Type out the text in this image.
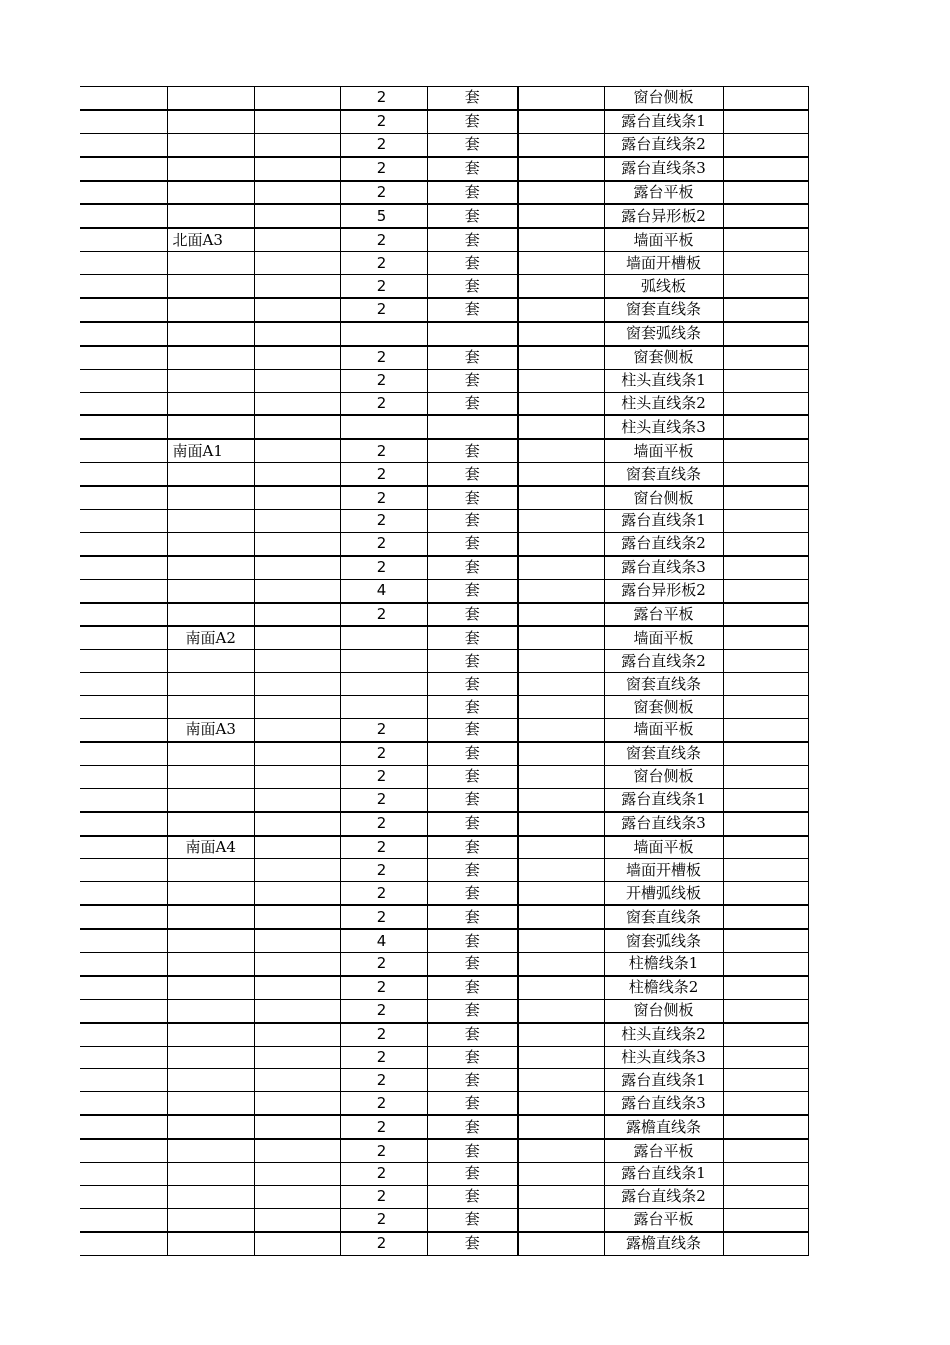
			2	套		窗台侧板	
			2	套		露台直线条1	
			2	套		露台直线条2	
			2	套		露台直线条3	
			2	套		露台平板	
			5	套		露台异形板2	
	北面A3		2	套		墙面平板	
			2	套		墙面开槽板	
			2	套		弧线板	
			2	套		窗套直线条	
						窗套弧线条	
			2	套		窗套侧板	
			2	套		柱头直线条1	
			2	套		柱头直线条2	
						柱头直线条3	
	南面A1		2	套		墙面平板	
			2	套		窗套直线条	
			2	套		窗台侧板	
			2	套		露台直线条1	
			2	套		露台直线条2	
			2	套		露台直线条3	
			4	套		露台异形板2	
			2	套		露台平板	
	南面A2			套		墙面平板	
				套		露台直线条2	
				套		窗套直线条	
				套		窗套侧板	
	南面A3		2	套		墙面平板	
			2	套		窗套直线条	
			2	套		窗台侧板	
			2	套		露台直线条1	
			2	套		露台直线条3	
	南面A4		2	套		墙面平板	
			2	套		墙面开槽板	
			2	套		开槽弧线板	
			2	套		窗套直线条	
			4	套		窗套弧线条	
			2	套		柱檐线条1	
			2	套		柱檐线条2	
			2	套		窗台侧板	
			2	套		柱头直线条2	
			2	套		柱头直线条3	
			2	套		露台直线条1	
			2	套		露台直线条3	
			2	套		露檐直线条	
			2	套		露台平板	
			2	套		露台直线条1	
			2	套		露台直线条2	
			2	套		露台平板	
			2	套		露檐直线条	
